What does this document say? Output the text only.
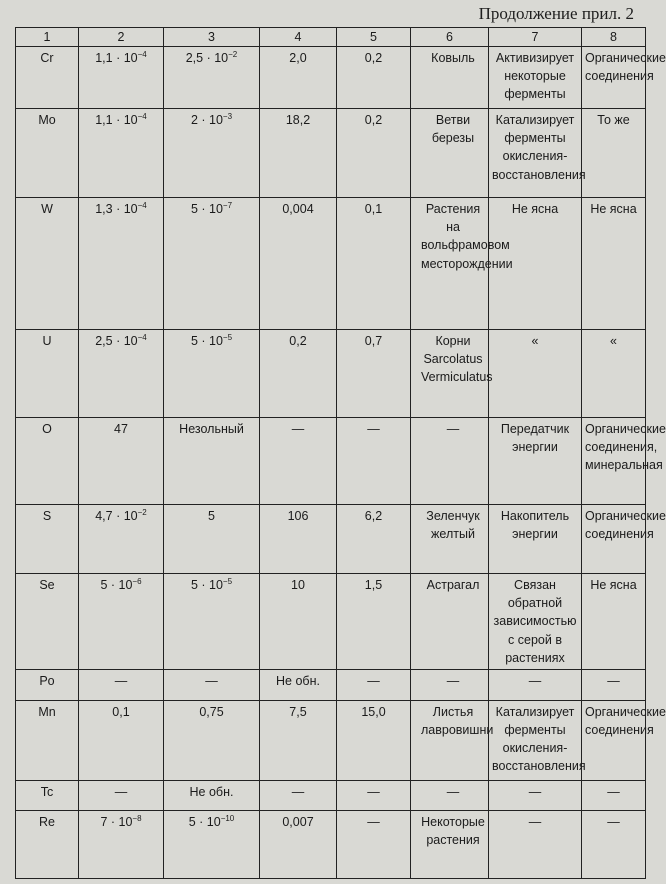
Продолжение прил. 2
1	2	3	4	5	6	7	8
Cr	$1,1 \cdot 10^{-4}$	$2,5 \cdot 10^{-2}$	2,0	0,2	Ковыль	Активизирует некоторые ферменты	Органические соединения
Mo	$1,1 \cdot 10^{-4}$	$2 \cdot 10^{-3}$	18,2	0,2	Ветви березы	Катализирует ферменты окисления-восстановления	То же
W	$1,3 \cdot 10^{-4}$	$5 \cdot 10^{-7}$	0,004	0,1	Растения на вольфрамовом месторождении	Не ясна	Не ясна
U	$2,5 \cdot 10^{-4}$	$5 \cdot 10^{-5}$	0,2	0,7	Корни Sarcolatus Vermiculatus	«	«
O	47	Незольный	—	—	—	Передатчик энергии	Органические соединения, минеральная
S	$4,7 \cdot 10^{-2}$	5	106	6,2	Зеленчук желтый	Накопитель энергии	Органические соединения
Se	$5 \cdot 10^{-6}$	$5 \cdot 10^{-5}$	10	1,5	Астрагал	Связан обратной зависимостью с серой в растениях	Не ясна
Po	—	—	Не обн.	—	—	—	—
Mn	0,1	0,75	7,5	15,0	Листья лавровишни	Катализирует ферменты окисления-восстановления	Органические соединения
Tc	—	Не обн.	—	—	—	—	—
Re	$7 \cdot 10^{-8}$	$5 \cdot 10^{-10}$	0,007	—	Некоторые растения	—	—
